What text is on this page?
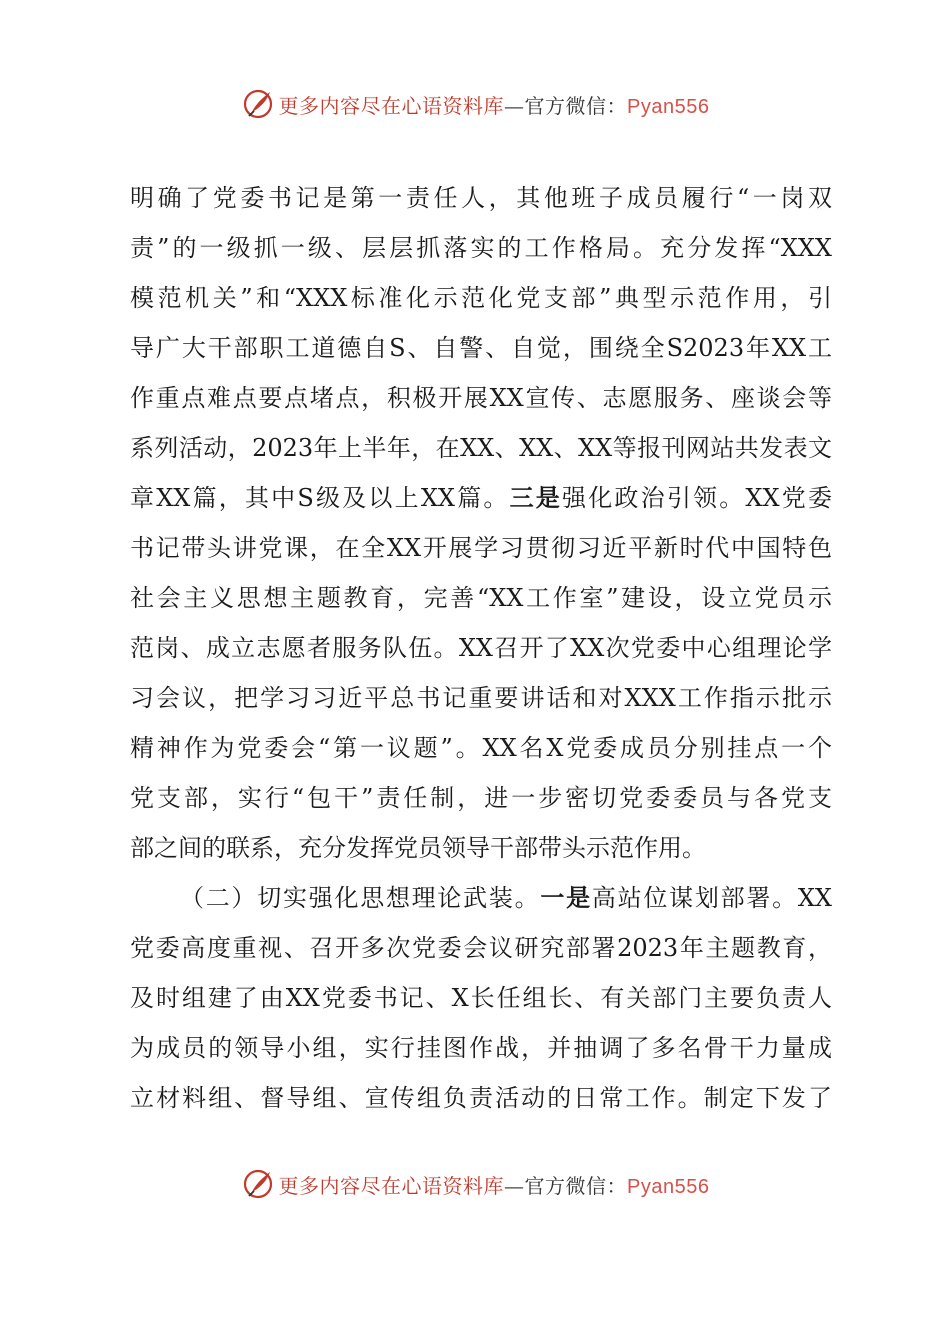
更多内容尽在心语资料库—官方微信：Pyan556
明确了党委书记是第一责任人，其他班子成员履行“一岗双
责”的一级抓一级、层层抓落实的工作格局。充分发挥“XXX
模范机关”和“XXX标准化示范化党支部”典型示范作用，引
导广大干部职工道德自S、自警、自觉，围绕全S2023年XX工
作重点难点要点堵点，积极开展XX宣传、志愿服务、座谈会等
系列活动，2023年上半年，在XX、XX、XX等报刊网站共发表文
章XX篇，其中S级及以上XX篇。三是强化政治引领。XX党委
书记带头讲党课，在全XX开展学习贯彻习近平新时代中国特色
社会主义思想主题教育，完善“XX工作室”建设，设立党员示
范岗、成立志愿者服务队伍。XX召开了XX次党委中心组理论学
习会议，把学习习近平总书记重要讲话和对XXX工作指示批示
精神作为党委会“第一议题”。XX名X党委成员分别挂点一个
党支部，实行“包干”责任制，进一步密切党委委员与各党支
部之间的联系，充分发挥党员领导干部带头示范作用。
（二）切实强化思想理论武装。一是高站位谋划部署。XX
党委高度重视、召开多次党委会议研究部署2023年主题教育，
及时组建了由XX党委书记、X长任组长、有关部门主要负责人
为成员的领导小组，实行挂图作战，并抽调了多名骨干力量成
立材料组、督导组、宣传组负责活动的日常工作。制定下发了
更多内容尽在心语资料库—官方微信：Pyan556
